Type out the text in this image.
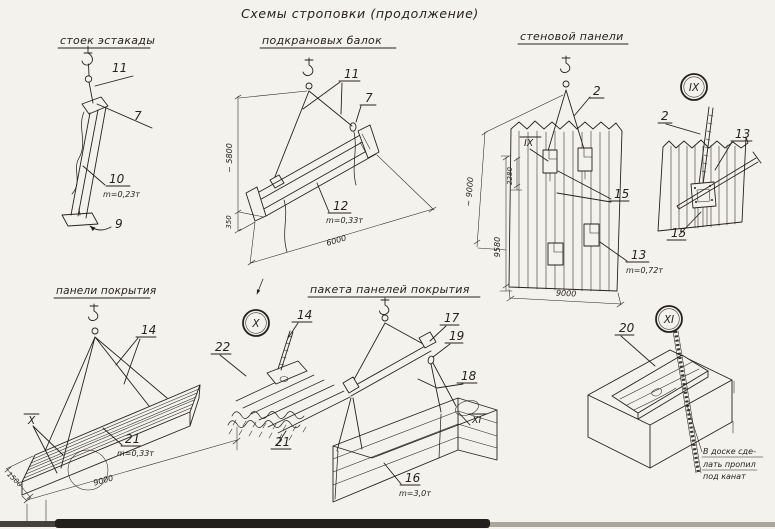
Схемы строповки (продолжение)
стоек эстакады
11
7
10
m=0,23т
9
подкрановых балок
~ 5800
350
6000
11
7
12
m=0,33т
стеновой панели
IX
IX
2
15
13
m=0,72т
~ 9000
9580
2280
9000
2
13
15
панели покрытия
X
14
21
m=0,33т
9000
1500
пакета панелей покрытия
X
22
14
21
17
19
18
XI
16
m=3,0т
XI
20
В доске сде-
лать пропил
под канат
